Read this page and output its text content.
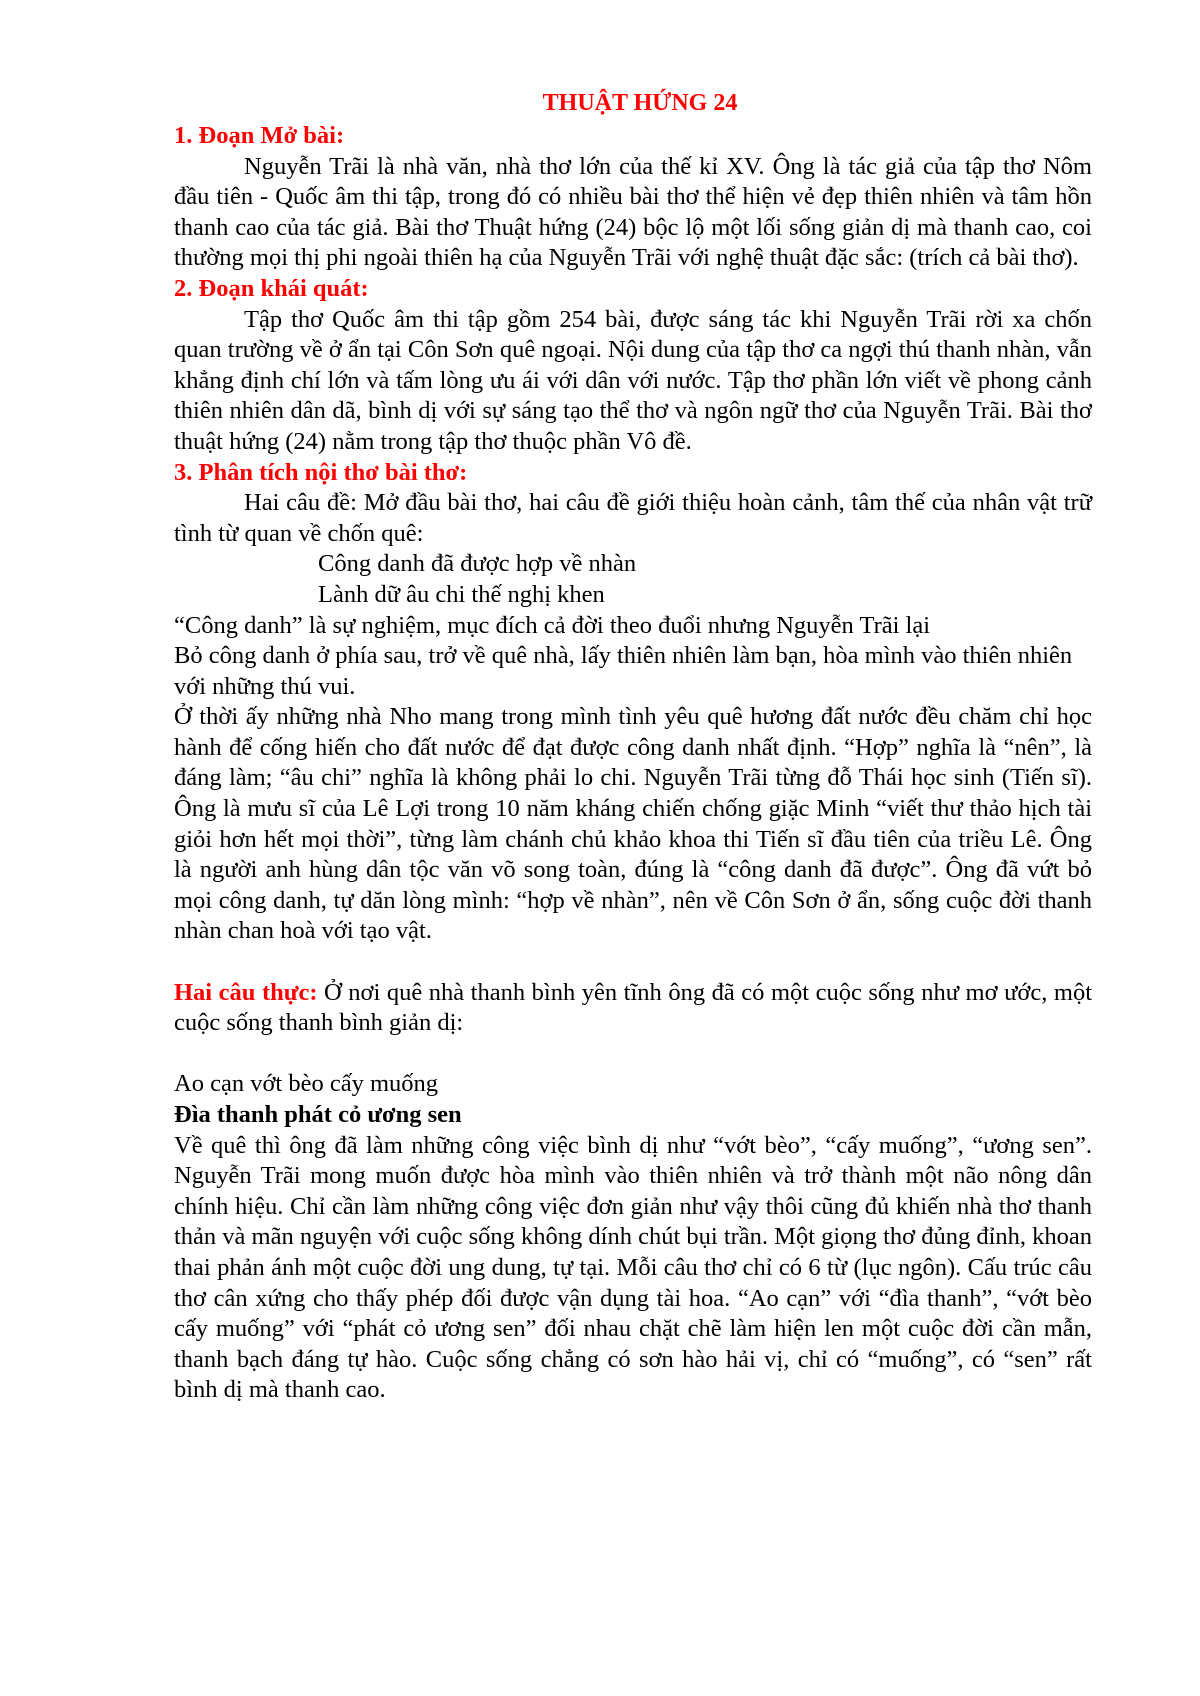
THUẬT HỨNG 24

1. Đoạn Mở bài:

Nguyễn Trãi là nhà văn, nhà thơ lớn của thế kỉ XV. Ông là tác giả của tập thơ Nôm đầu tiên - Quốc âm thi tập, trong đó có nhiều bài thơ thể hiện vẻ đẹp thiên nhiên và tâm hồn thanh cao của tác giả. Bài thơ Thuật hứng (24) bộc lộ một lối sống giản dị mà thanh cao, coi thường mọi thị phi ngoài thiên hạ của Nguyễn Trãi với nghệ thuật đặc sắc: (trích cả bài thơ).

2. Đoạn khái quát:

Tập thơ Quốc âm thi tập gồm 254 bài, được sáng tác khi Nguyễn Trãi rời xa chốn quan trường về ở ẩn tại Côn Sơn quê ngoại. Nội dung của tập thơ ca ngợi thú thanh nhàn, vẫn khẳng định chí lớn và tấm lòng ưu ái với dân với nước. Tập thơ phần lớn viết về phong cảnh thiên nhiên dân dã, bình dị với sự sáng tạo thể thơ và ngôn ngữ thơ của Nguyễn Trãi. Bài thơ thuật hứng (24) nằm trong tập thơ thuộc phần Vô đề.

3. Phân tích nội thơ bài thơ:

Hai câu đề: Mở đầu bài thơ, hai câu đề giới thiệu hoàn cảnh, tâm thế của nhân vật trữ tình từ quan về chốn quê:

Công danh đã được hợp về nhàn

Lành dữ âu chi thế nghị khen

“Công danh” là sự nghiệm, mục đích cả đời theo đuổi nhưng Nguyễn Trãi lại

Bỏ công danh ở phía sau, trở về quê nhà, lấy thiên nhiên làm bạn, hòa mình vào thiên nhiên với những thú vui.

Ở thời ấy những nhà Nho mang trong mình tình yêu quê hương đất nước đều chăm chỉ học hành để cống hiến cho đất nước để đạt được công danh nhất định. “Hợp” nghĩa là “nên”, là đáng làm; “âu chi” nghĩa là không phải lo chi. Nguyễn Trãi từng đỗ Thái học sinh (Tiến sĩ). Ông là mưu sĩ của Lê Lợi trong 10 năm kháng chiến chống giặc Minh “viết thư thảo hịch tài giỏi hơn hết mọi thời”, từng làm chánh chủ khảo khoa thi Tiến sĩ đầu tiên của triều Lê. Ông là người anh hùng dân tộc văn võ song toàn, đúng là “công danh đã được”. Ông đã vứt bỏ mọi công danh, tự dăn lòng mình: “hợp về nhàn”, nên về Côn Sơn ở ẩn, sống cuộc đời thanh nhàn chan hoà với tạo vật.

Hai câu thực: Ở nơi quê nhà thanh bình yên tĩnh ông đã có một cuộc sống như mơ ước, một cuộc sống thanh bình giản dị:

Ao cạn vớt bèo cấy muống

Đìa thanh phát cỏ ương sen

Về quê thì ông đã làm những công việc bình dị như “vớt bèo”, “cấy muống”, “ương sen”. Nguyễn Trãi mong muốn được hòa mình vào thiên nhiên và trở thành một não nông dân chính hiệu. Chỉ cần làm những công việc đơn giản như vậy thôi cũng đủ khiến nhà thơ thanh thản và mãn nguyện với cuộc sống không dính chút bụi trần. Một giọng thơ đủng đỉnh, khoan thai phản ánh một cuộc đời ung dung, tự tại. Mỗi câu thơ chỉ có 6 từ (lục ngôn). Cấu trúc câu thơ cân xứng cho thấy phép đối được vận dụng tài hoa. “Ao cạn” với “đìa thanh”, “vớt bèo cấy muống” với “phát cỏ ương sen” đối nhau chặt chẽ làm hiện len một cuộc đời cần mẫn, thanh bạch đáng tự hào. Cuộc sống chẳng có sơn hào hải vị, chỉ có “muống”, có “sen” rất bình dị mà thanh cao.
